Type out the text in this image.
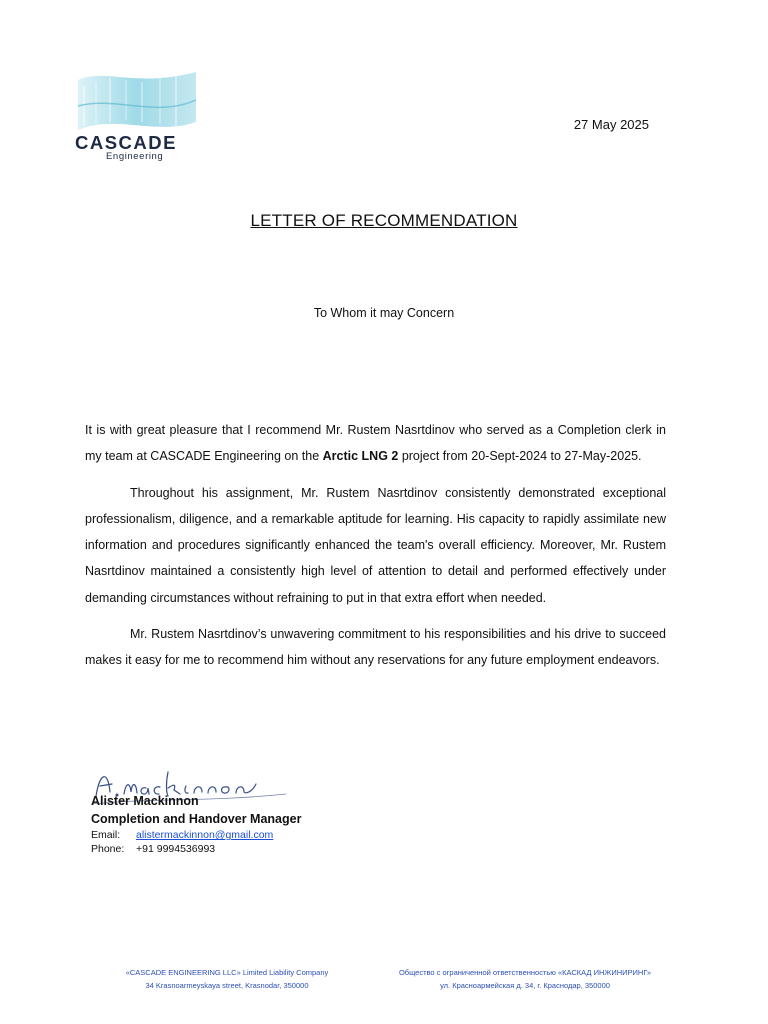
CASCADE
Engineering
27 May 2025
LETTER OF RECOMMENDATION
To Whom it may Concern

It is with great pleasure that I recommend Mr. Rustem Nasrtdinov who served as a Completion clerk in my team at CASCADE Engineering on the Arctic LNG 2 project from 20-Sept-2024 to 27-May-2025.

Throughout his assignment, Mr. Rustem Nasrtdinov consistently demonstrated exceptional professionalism, diligence, and a remarkable aptitude for learning. His capacity to rapidly assimilate new information and procedures significantly enhanced the team's overall efficiency. Moreover, Mr. Rustem Nasrtdinov maintained a consistently high level of attention to detail and performed effectively under demanding circumstances without refraining to put in that extra effort when needed.

Mr. Rustem Nasrtdinov’s unwavering commitment to his responsibilities and his drive to succeed makes it easy for me to recommend him without any reservations for any future employment endeavors.

Alister Mackinnon
Completion and Handover Manager
Email: alistermackinnon@gmail.com
Phone: +91 9994536993
«CASCADE ENGINEERING LLC» Limited Liability Company
34 Krasnoarmeyskaya street, Krasnodar, 350000
Общество с ограниченной ответственностью «КАСКАД ИНЖИНИРИНГ»
ул. Красноармейская д. 34, г. Краснодар, 350000
